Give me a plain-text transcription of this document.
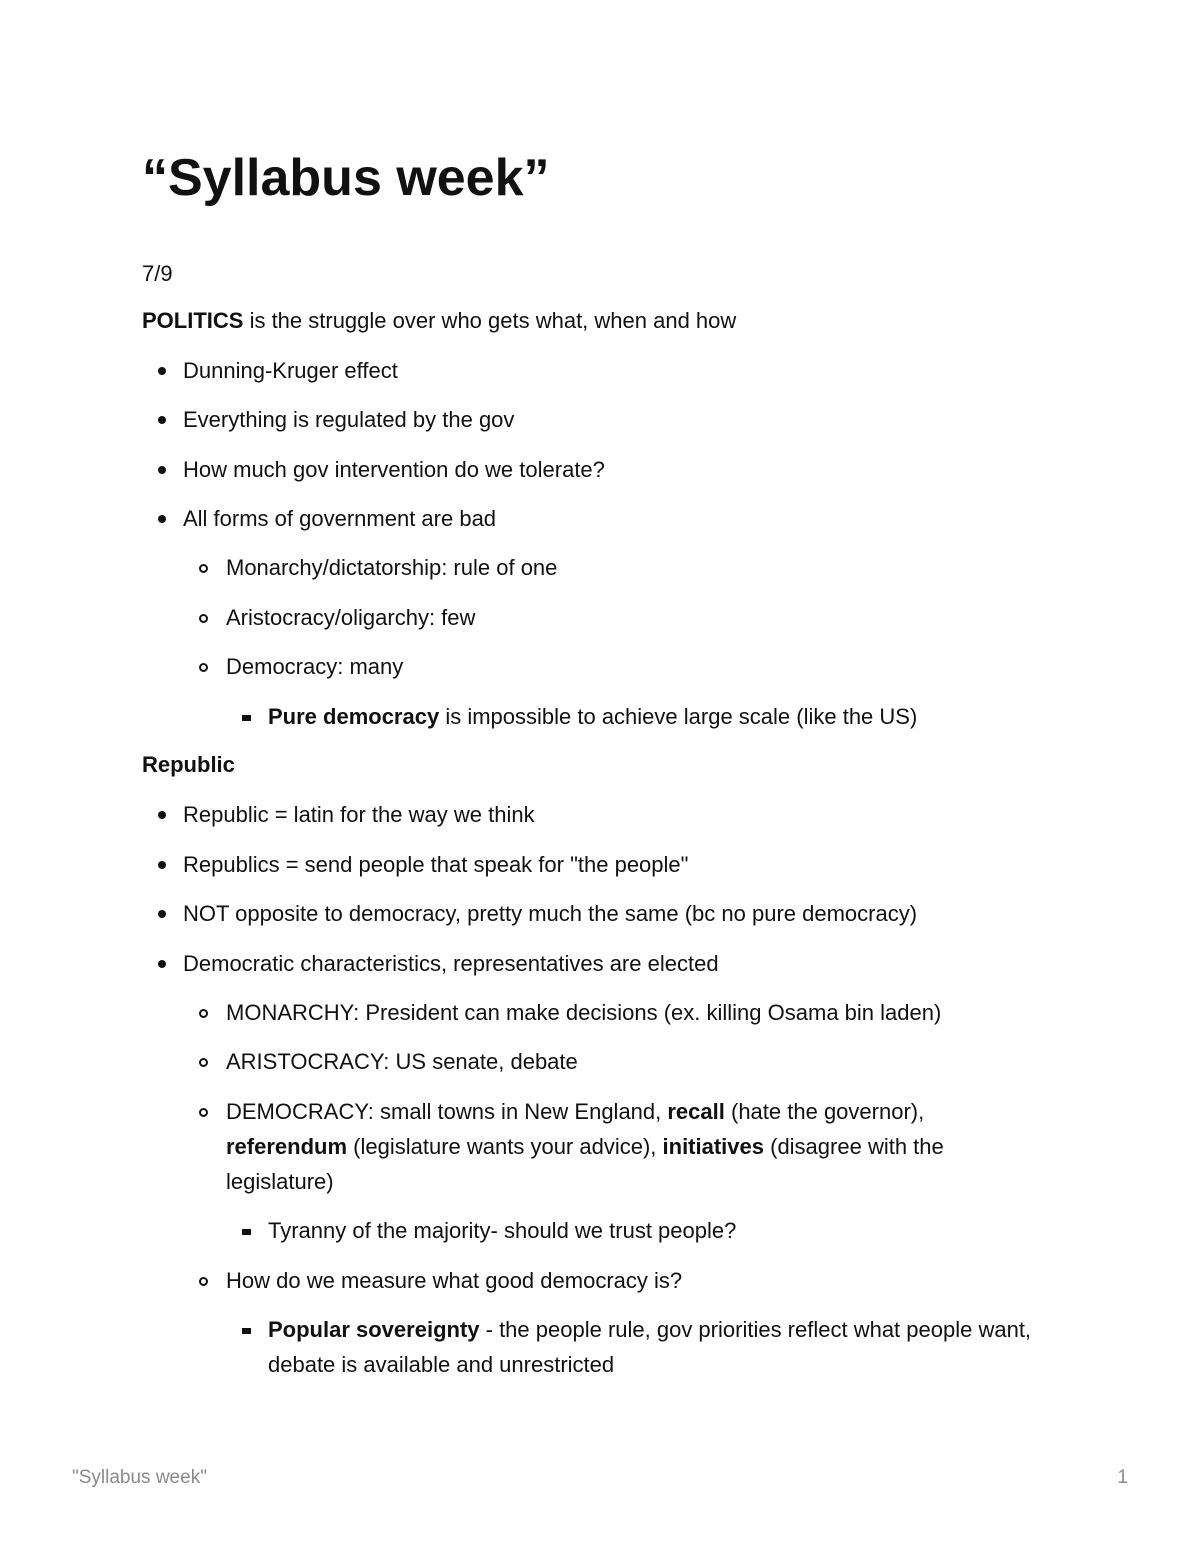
“Syllabus week”
7/9
POLITICS is the struggle over who gets what, when and how
Dunning-Kruger effect
Everything is regulated by the gov
How much gov intervention do we tolerate?
All forms of government are bad
Monarchy/dictatorship: rule of one
Aristocracy/oligarchy: few
Democracy: many
Pure democracy is impossible to achieve large scale (like the US)
Republic
Republic = latin for the way we think
Republics = send people that speak for "the people"
NOT opposite to democracy, pretty much the same (bc no pure democracy)
Democratic characteristics, representatives are elected
MONARCHY: President can make decisions (ex. killing Osama bin laden)
ARISTOCRACY: US senate, debate
DEMOCRACY: small towns in New England, recall (hate the governor), referendum (legislature wants your advice), initiatives (disagree with the legislature)
Tyranny of the majority- should we trust people?
How do we measure what good democracy is?
Popular sovereignty - the people rule, gov priorities reflect what people want, debate is available and unrestricted
"Syllabus week"	1
